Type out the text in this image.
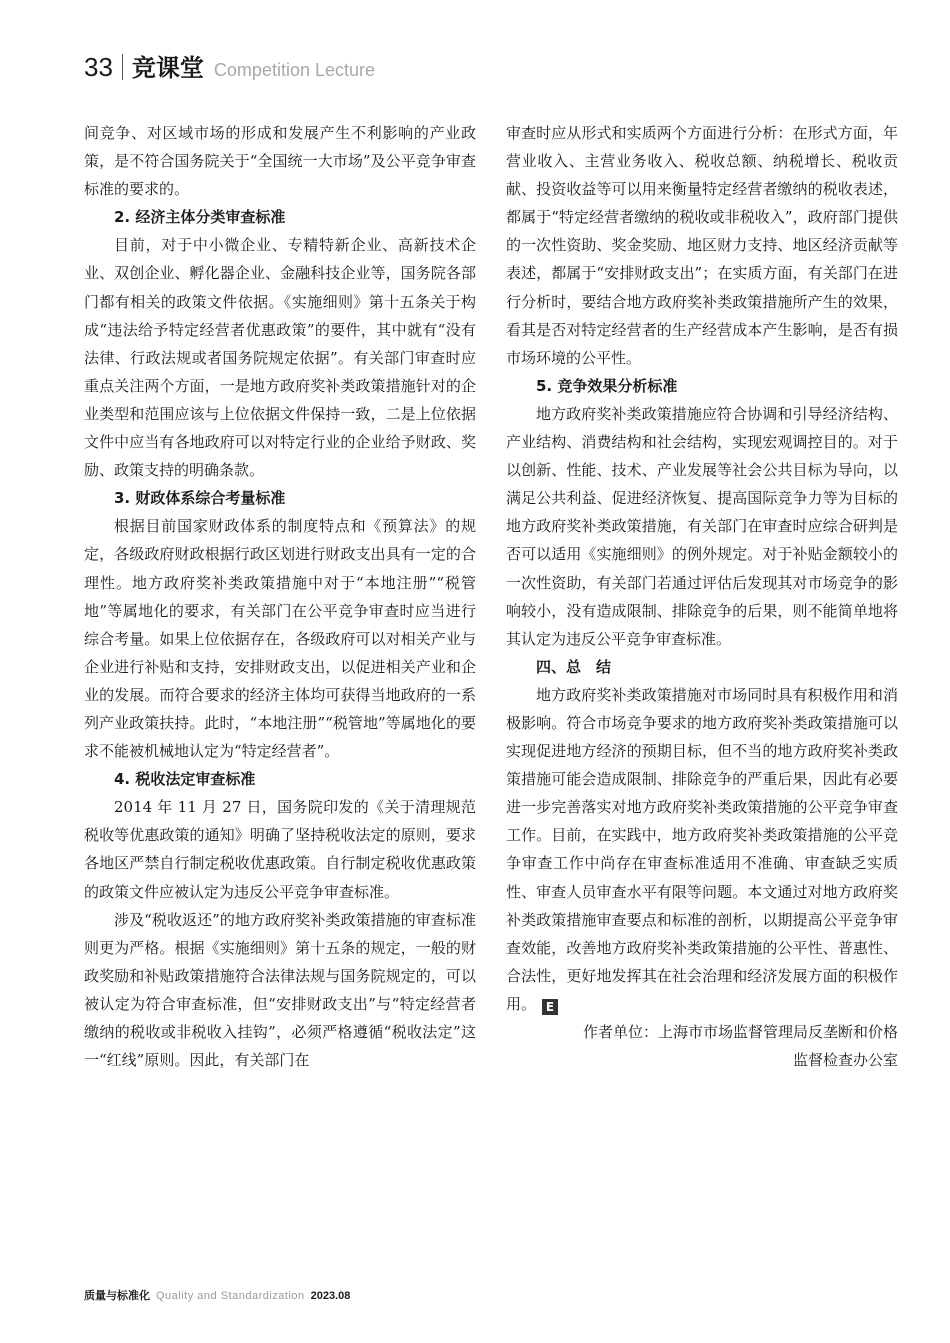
33 竞课堂 Competition Lecture

间竞争、对区域市场的形成和发展产生不利影响的产业政策，是不符合国务院关于“全国统一大市场”及公平竞争审查标准的要求的。

2. 经济主体分类审查标准

目前，对于中小微企业、专精特新企业、高新技术企业、双创企业、孵化器企业、金融科技企业等，国务院各部门都有相关的政策文件依据。《实施细则》第十五条关于构成“违法给予特定经营者优惠政策”的要件，其中就有“没有法律、行政法规或者国务院规定依据”。有关部门审查时应重点关注两个方面，一是地方政府奖补类政策措施针对的企业类型和范围应该与上位依据文件保持一致，二是上位依据文件中应当有各地政府可以对特定行业的企业给予财政、奖励、政策支持的明确条款。

3. 财政体系综合考量标准

根据目前国家财政体系的制度特点和《预算法》的规定，各级政府财政根据行政区划进行财政支出具有一定的合理性。地方政府奖补类政策措施中对于“本地注册”“税管地”等属地化的要求，有关部门在公平竞争审查时应当进行综合考量。如果上位依据存在，各级政府可以对相关产业与企业进行补贴和支持，安排财政支出，以促进相关产业和企业的发展。而符合要求的经济主体均可获得当地政府的一系列产业政策扶持。此时，“本地注册”“税管地”等属地化的要求不能被机械地认定为“特定经营者”。

4. 税收法定审查标准

2014 年 11 月 27 日，国务院印发的《关于清理规范税收等优惠政策的通知》明确了坚持税收法定的原则，要求各地区严禁自行制定税收优惠政策。自行制定税收优惠政策的政策文件应被认定为违反公平竞争审查标准。

涉及“税收返还”的地方政府奖补类政策措施的审查标准则更为严格。根据《实施细则》第十五条的规定，一般的财政奖励和补贴政策措施符合法律法规与国务院规定的，可以被认定为符合审查标准，但“安排财政支出”与“特定经营者缴纳的税收或非税收入挂钩”，必须严格遵循“税收法定”这一“红线”原则。因此，有关部门在

审查时应从形式和实质两个方面进行分析：在形式方面，年营业收入、主营业务收入、税收总额、纳税增长、税收贡献、投资收益等可以用来衡量特定经营者缴纳的税收表述，都属于“特定经营者缴纳的税收或非税收入”，政府部门提供的一次性资助、奖金奖励、地区财力支持、地区经济贡献等表述，都属于“安排财政支出”；在实质方面，有关部门在进行分析时，要结合地方政府奖补类政策措施所产生的效果，看其是否对特定经营者的生产经营成本产生影响，是否有损市场环境的公平性。

5. 竞争效果分析标准

地方政府奖补类政策措施应符合协调和引导经济结构、产业结构、消费结构和社会结构，实现宏观调控目的。对于以创新、性能、技术、产业发展等社会公共目标为导向，以满足公共利益、促进经济恢复、提高国际竞争力等为目标的地方政府奖补类政策措施，有关部门在审查时应综合研判是否可以适用《实施细则》的例外规定。对于补贴金额较小的一次性资助，有关部门若通过评估后发现其对市场竞争的影响较小，没有造成限制、排除竞争的后果，则不能简单地将其认定为违反公平竞争审查标准。

四、总　结

地方政府奖补类政策措施对市场同时具有积极作用和消极影响。符合市场竞争要求的地方政府奖补类政策措施可以实现促进地方经济的预期目标，但不当的地方政府奖补类政策措施可能会造成限制、排除竞争的严重后果，因此有必要进一步完善落实对地方政府奖补类政策措施的公平竞争审查工作。目前，在实践中，地方政府奖补类政策措施的公平竞争审查工作中尚存在审查标准适用不准确、审查缺乏实质性、审查人员审查水平有限等问题。本文通过对地方政府奖补类政策措施审查要点和标准的剖析，以期提高公平竞争审查效能，改善地方政府奖补类政策措施的公平性、普惠性、合法性，更好地发挥其在社会治理和经济发展方面的积极作用。 E

作者单位：上海市市场监督管理局反垄断和价格
监督检查办公室

质量与标准化 Quality and Standardization 2023.08
